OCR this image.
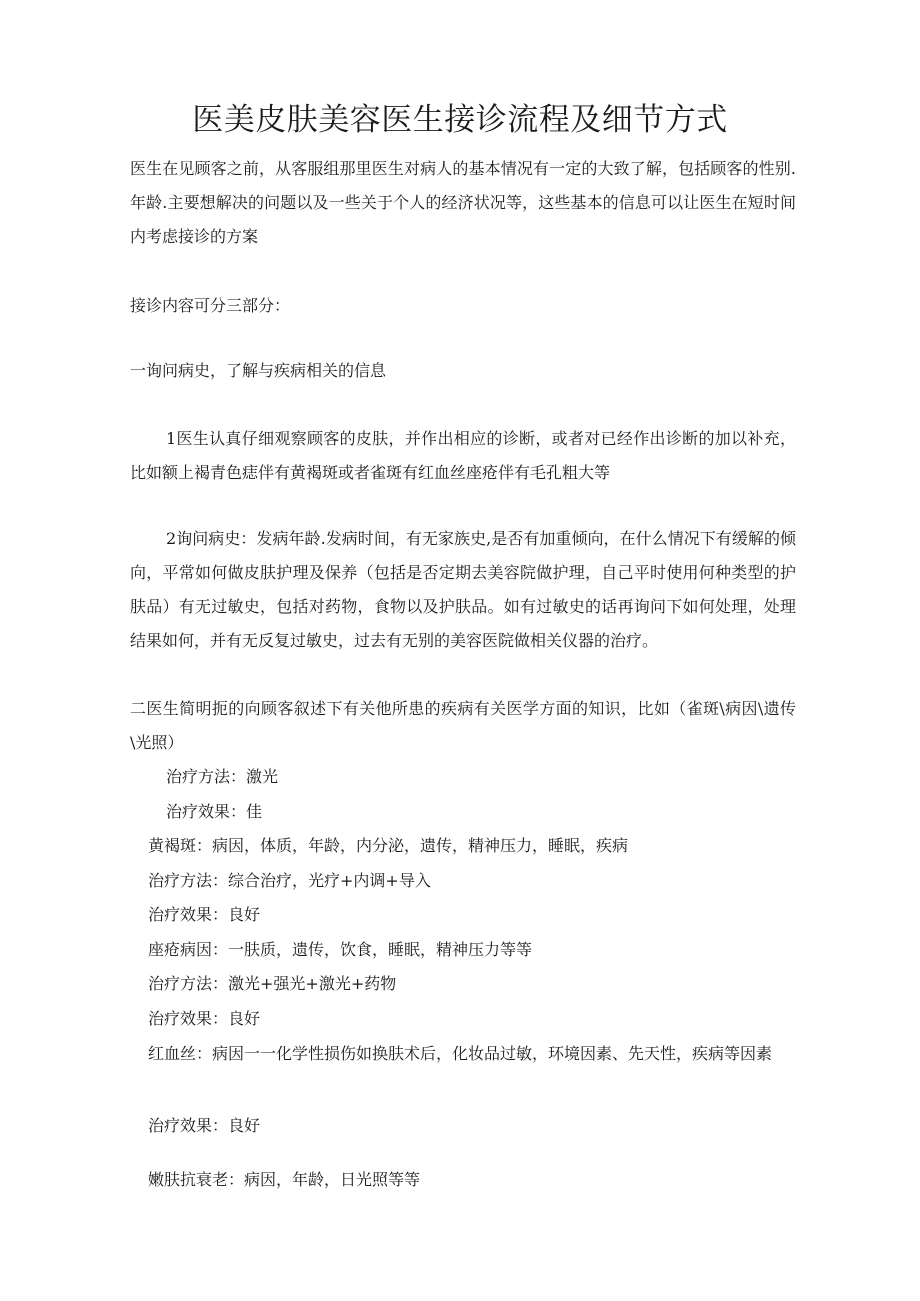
医美皮肤美容医生接诊流程及细节方式

医生在见顾客之前，从客服组那里医生对病人的基本情况有一定的大致了解，包括顾客的性别.年龄.主要想解决的问题以及一些关于个人的经济状况等，这些基本的信息可以让医生在短时间内考虑接诊的方案

接诊内容可分三部分：

一询问病史，了解与疾病相关的信息

1医生认真仔细观察顾客的皮肤，并作出相应的诊断，或者对已经作出诊断的加以补充，比如额上褐青色痣伴有黄褐斑或者雀斑有红血丝座疮伴有毛孔粗大等

2询问病史：发病年龄.发病时间，有无家族史,是否有加重倾向，在什么情况下有缓解的倾向，平常如何做皮肤护理及保养（包括是否定期去美容院做护理，自己平时使用何种类型的护肤品）有无过敏史，包括对药物，食物以及护肤品。如有过敏史的话再询问下如何处理，处理结果如何，并有无反复过敏史，过去有无别的美容医院做相关仪器的治疗。

二医生简明扼的向顾客叙述下有关他所患的疾病有关医学方面的知识，比如（雀斑\病因\遗传\光照）

治疗方法：激光

治疗效果：佳

黄褐斑：病因，体质，年龄，内分泌，遗传，精神压力，睡眠，疾病

治疗方法：综合治疗，光疗+内调+导入

治疗效果：良好

座疮病因：一肤质，遗传，饮食，睡眠，精神压力等等

治疗方法：激光+强光+激光+药物

治疗效果：良好

红血丝：病因一一化学性损伤如换肤术后，化妆品过敏，环境因素、先天性，疾病等因素

治疗效果：良好

嫩肤抗衰老：病因，年龄，日光照等等
